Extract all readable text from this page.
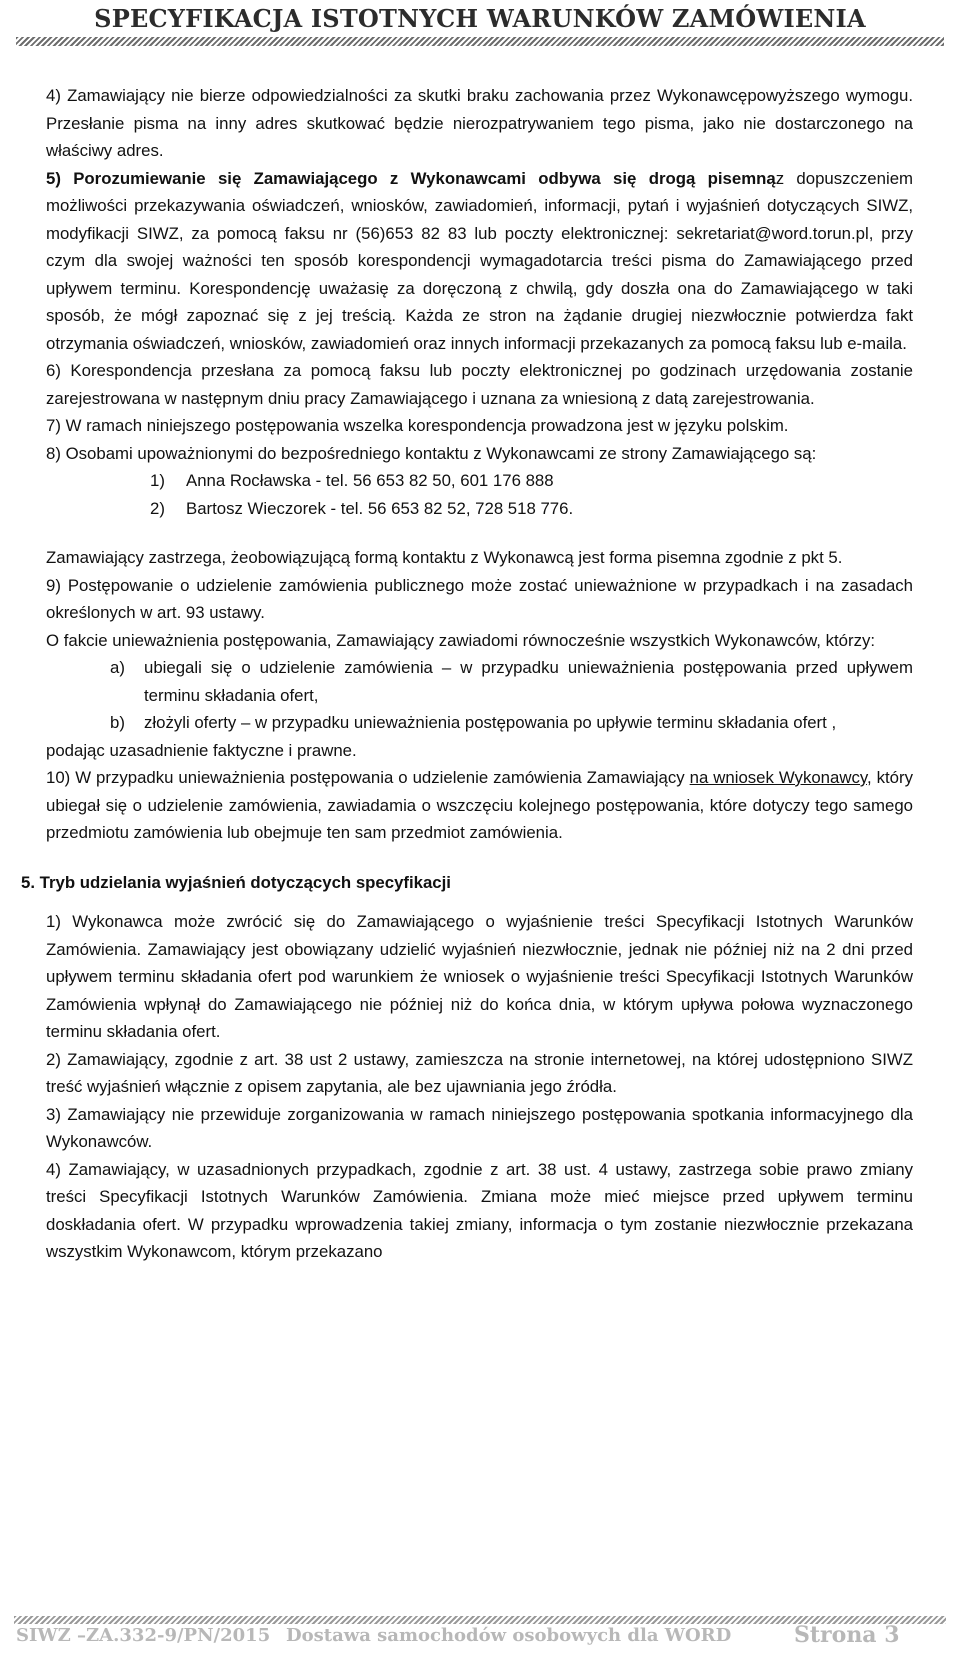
SPECYFIKACJA ISTOTNYCH WARUNKÓW ZAMÓWIENIA

4) Zamawiający nie bierze odpowiedzialności za skutki braku zachowania przez Wykonawcępowyższego wymogu. Przesłanie pisma na inny adres skutkować będzie nierozpatrywaniem tego pisma, jako nie dostarczonego na właściwy adres.

5) Porozumiewanie się Zamawiającego z Wykonawcami odbywa się drogą pisemnąz dopuszczeniem możliwości przekazywania oświadczeń, wniosków, zawiadomień, informacji, pytań i wyjaśnień dotyczących SIWZ, modyfikacji SIWZ, za pomocą faksu nr (56)653 82 83 lub poczty elektronicznej: sekretariat@word.torun.pl, przy czym dla swojej ważności ten sposób korespondencji wymagadotarcia treści pisma do Zamawiającego przed upływem terminu. Korespondencję uważasię za doręczoną z chwilą, gdy doszła ona do Zamawiającego w taki sposób, że mógł zapoznać się z jej treścią. Każda ze stron na żądanie drugiej niezwłocznie potwierdza fakt otrzymania oświadczeń, wniosków, zawiadomień oraz innych informacji przekazanych za pomocą faksu lub e-maila.

6) Korespondencja przesłana za pomocą faksu lub poczty elektronicznej po godzinach urzędowania zostanie zarejestrowana w następnym dniu pracy Zamawiającego i uznana za wniesioną z datą zarejestrowania.

7) W ramach niniejszego postępowania wszelka korespondencja prowadzona jest w języku polskim.

8) Osobami upoważnionymi do bezpośredniego kontaktu z Wykonawcami ze strony Zamawiającego są:

1)	Anna Rocławska - tel. 56 653 82 50, 601 176 888
2)	Bartosz Wieczorek - tel. 56 653 82 52, 728 518 776.

Zamawiający zastrzega, żeobowiązującą formą kontaktu z Wykonawcą jest forma pisemna zgodnie z pkt 5.

9) Postępowanie o udzielenie zamówienia publicznego może zostać unieważnione w przypadkach i na zasadach określonych w art. 93 ustawy.

O fakcie unieważnienia postępowania, Zamawiający zawiadomi równocześnie wszystkich Wykonawców, którzy:

a)	ubiegali się o udzielenie zamówienia – w przypadku unieważnienia postępowania przed upływem terminu składania ofert,
b)	złożyli oferty – w przypadku unieważnienia postępowania po upływie terminu składania ofert ,

podając uzasadnienie faktyczne i prawne.

10) W przypadku unieważnienia postępowania o udzielenie zamówienia Zamawiający na wniosek Wykonawcy, który ubiegał się o udzielenie zamówienia, zawiadamia o wszczęciu kolejnego postępowania, które dotyczy tego samego przedmiotu zamówienia lub obejmuje ten sam przedmiot zamówienia.

5. Tryb udzielania wyjaśnień dotyczących specyfikacji

1) Wykonawca może zwrócić się do Zamawiającego o wyjaśnienie treści Specyfikacji Istotnych Warunków Zamówienia. Zamawiający jest obowiązany udzielić wyjaśnień niezwłocznie, jednak nie później niż na 2 dni przed upływem terminu składania ofert pod warunkiem że wniosek o wyjaśnienie treści Specyfikacji Istotnych Warunków Zamówienia wpłynął do Zamawiającego nie później niż do końca dnia, w którym upływa połowa wyznaczonego terminu składania ofert.

2) Zamawiający, zgodnie z art. 38 ust 2 ustawy, zamieszcza na stronie internetowej, na której udostępniono SIWZ treść wyjaśnień włącznie z opisem zapytania, ale bez ujawniania jego źródła.

3) Zamawiający nie przewiduje zorganizowania w ramach niniejszego postępowania spotkania informacyjnego dla Wykonawców.

4) Zamawiający, w uzasadnionych przypadkach, zgodnie z art. 38 ust. 4 ustawy, zastrzega sobie prawo zmiany treści Specyfikacji Istotnych Warunków Zamówienia. Zmiana może mieć miejsce przed upływem terminu doskładania ofert. W przypadku wprowadzenia takiej zmiany, informacja o tym zostanie niezwłocznie przekazana wszystkim Wykonawcom, którym przekazano

SIWZ –ZA.332-9/PN/2015 Dostawa samochodów osobowych dla WORD	Strona 3
